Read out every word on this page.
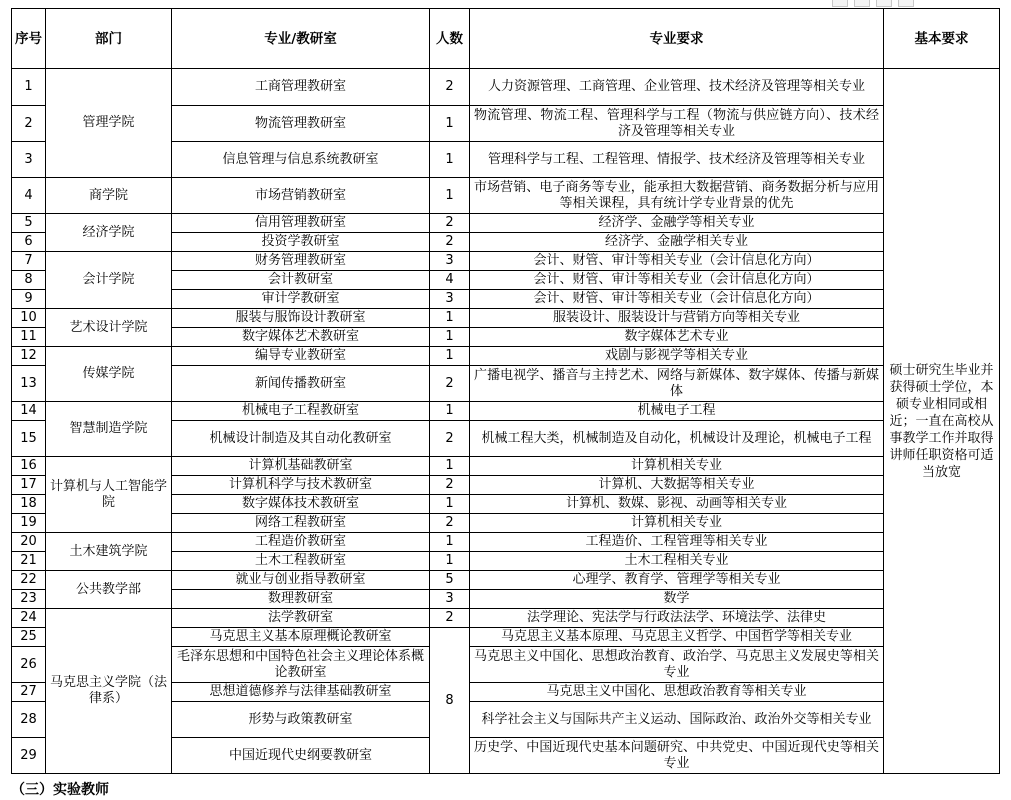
序号	部门	专业/教研室	人数	专业要求	基本要求
1	管理学院	工商管理教研室	2	人力资源管理、工商管理、企业管理、技术经济及管理等相关专业	硕士研究生毕业并获得硕士学位，本硕专业相同或相近；一直在高校从事教学工作并取得讲师任职资格可适当放宽
2		物流管理教研室	1	物流管理、物流工程、管理科学与工程（物流与供应链方向）、技术经济及管理等相关专业	
3		信息管理与信息系统教研室	1	管理科学与工程、工程管理、情报学、技术经济及管理等相关专业	
4	商学院	市场营销教研室	1	市场营销、电子商务等专业，能承担大数据营销、商务数据分析与应用等相关课程，具有统计学专业背景的优先	
5	经济学院	信用管理教研室	2	经济学、金融学等相关专业	
6		投资学教研室	2	经济学、金融学相关专业	
7	会计学院	财务管理教研室	3	会计、财管、审计等相关专业（会计信息化方向）	
8		会计教研室	4	会计、财管、审计等相关专业（会计信息化方向）	
9		审计学教研室	3	会计、财管、审计等相关专业（会计信息化方向）	
10	艺术设计学院	服装与服饰设计教研室	1	服装设计、服装设计与营销方向等相关专业	
11		数字媒体艺术教研室	1	数字媒体艺术专业	
12	传媒学院	编导专业教研室	1	戏剧与影视学等相关专业	
13		新闻传播教研室	2	广播电视学、播音与主持艺术、网络与新媒体、数字媒体、传播与新媒体	
14	智慧制造学院	机械电子工程教研室	1	机械电子工程	
15		机械设计制造及其自动化教研室	2	机械工程大类，机械制造及自动化，机械设计及理论，机械电子工程	
16	计算机与人工智能学院	计算机基础教研室	1	计算机相关专业	
17		计算机科学与技术教研室	2	计算机、大数据等相关专业	
18		数字媒体技术教研室	1	计算机、数媒、影视、动画等相关专业	
19		网络工程教研室	2	计算机相关专业	
20	土木建筑学院	工程造价教研室	1	工程造价、工程管理等相关专业	
21		土木工程教研室	1	土木工程相关专业	
22	公共教学部	就业与创业指导教研室	5	心理学、教育学、管理学等相关专业	
23		数理教研室	3	数学	
24	马克思主义学院（法律系）	法学教研室	2	法学理论、宪法学与行政法法学、环境法学、法律史	
25		马克思主义基本原理概论教研室	8	马克思主义基本原理、马克思主义哲学、中国哲学等相关专业	
26		毛泽东思想和中国特色社会主义理论体系概论教研室		马克思主义中国化、思想政治教育、政治学、马克思主义发展史等相关专业	
27		思想道德修养与法律基础教研室		马克思主义中国化、思想政治教育等相关专业	
28		形势与政策教研室		科学社会主义与国际共产主义运动、国际政治、政治外交等相关专业	
29		中国近现代史纲要教研室		历史学、中国近现代史基本问题研究、中共党史、中国近现代史等相关专业	
（三）实验教师
